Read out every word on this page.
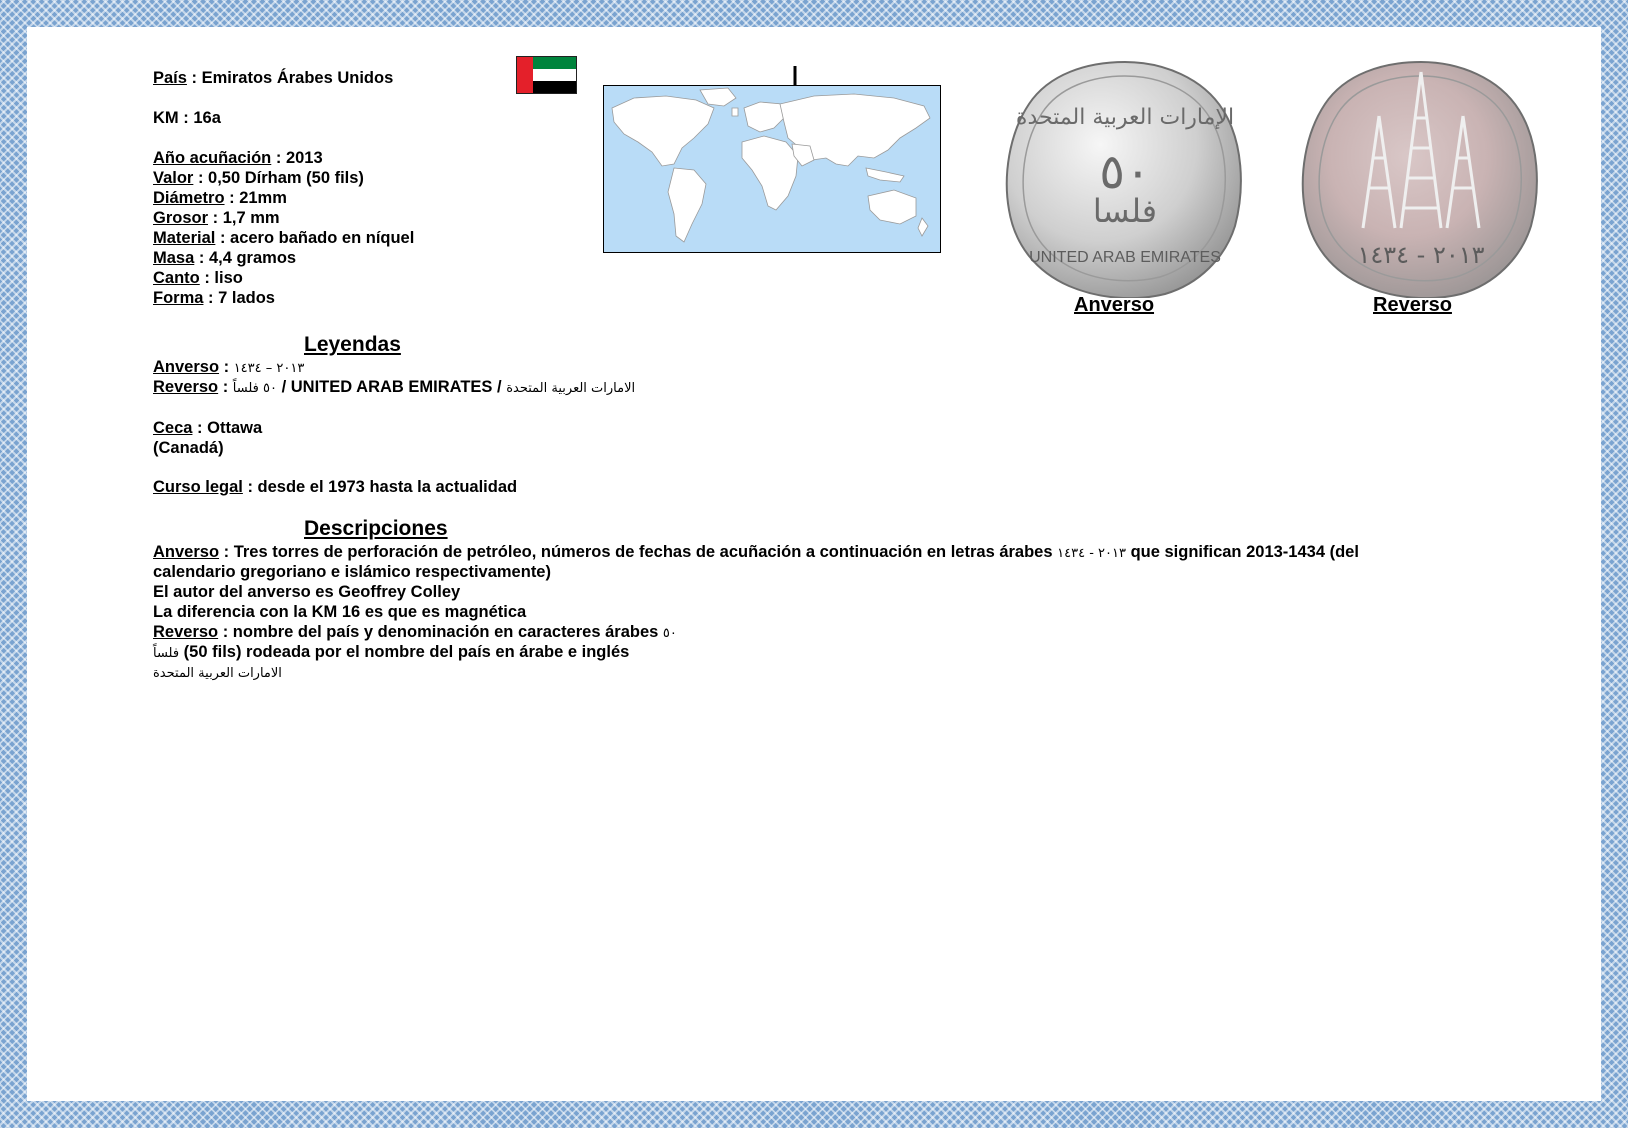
País : Emiratos Árabes Unidos
KM : 16a
Año acuñación : 2013
Valor : 0,50 Dírham (50 fils)
Diámetro : 21mm
Grosor : 1,7 mm
Material : acero bañado en níquel
Masa : 4,4 gramos
Canto : liso
Forma : 7 lados
الإمارات العربية المتحدة
٥٠
فلسا
UNITED ARAB EMIRATES	٢٠١٣ - ١٤٣٤
Anverso	Reverso
Leyendas
Anverso : ٢٠١٣ – ١٤٣٤
Reverso : ٥٠ فلساً / UNITED ARAB EMIRATES / الامارات العربية المتحدة
Ceca : Ottawa
(Canadá)
Curso legal : desde el 1973 hasta la actualidad
Descripciones
Anverso : Tres torres de perforación de petróleo, números de fechas de acuñación a continuación en letras árabes ٢٠١٣ - ١٤٣٤ que significan 2013-1434 (del
calendario gregoriano e islámico respectivamente)
El autor del anverso es Geoffrey Colley
La diferencia con la KM 16 es que es magnética
Reverso : nombre del país y denominación en caracteres árabes ٥٠
فلساً (50 fils) rodeada por el nombre del país en árabe e inglés
الامارات العربية المتحدة
